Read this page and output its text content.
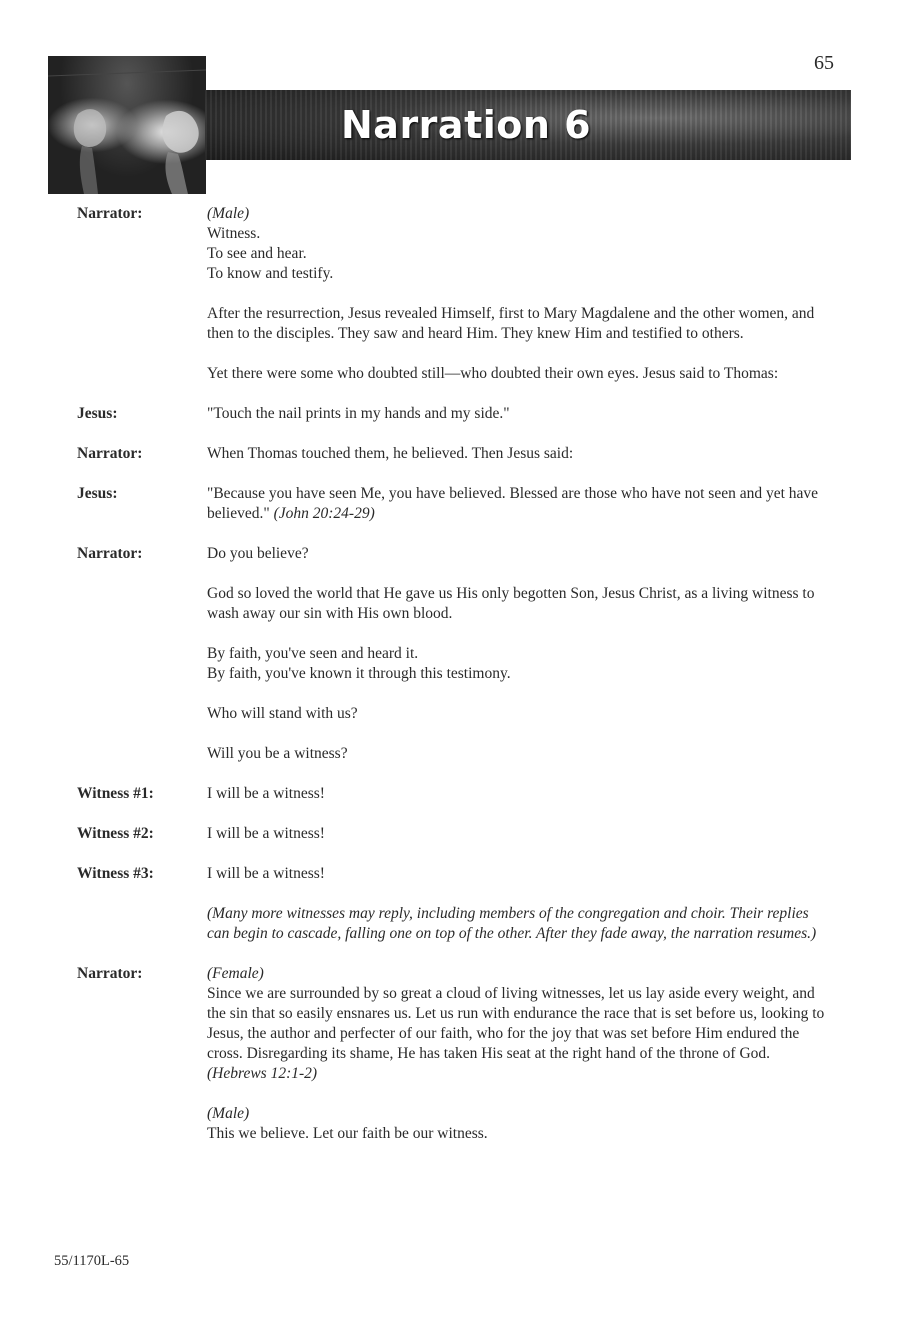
Narration 6
65
Narrator:	(Male)

Witness.

To see and hear.

To know and testify.

After the resurrection, Jesus revealed Himself, first to Mary Magdalene and the other women, and then to the disciples. They saw and heard Him. They knew Him and testified to others.

Yet there were some who doubted still—who doubted their own eyes. Jesus said to Thomas:

Jesus:	"Touch the nail prints in my hands and my side."

Narrator:	When Thomas touched them, he believed. Then Jesus said:

Jesus:	"Because you have seen Me, you have believed. Blessed are those who have not seen and yet have believed." (John 20:24-29)

Narrator:	Do you believe?

God so loved the world that He gave us His only begotten Son, Jesus Christ, as a living witness to wash away our sin with His own blood.

By faith, you've seen and heard it.

By faith, you've known it through this testimony.

Who will stand with us?

Will you be a witness?

Witness #1:	I will be a witness!

Witness #2:	I will be a witness!

Witness #3:	I will be a witness!

(Many more witnesses may reply, including members of the congregation and choir. Their replies can begin to cascade, falling one on top of the other. After they fade away, the narration resumes.)

Narrator:	(Female)

Since we are surrounded by so great a cloud of living witnesses, let us lay aside every weight, and the sin that so easily ensnares us. Let us run with endurance the race that is set before us, looking to Jesus, the author and perfecter of our faith, who for the joy that was set before Him endured the cross. Disregarding its shame, He has taken His seat at the right hand of the throne of God. (Hebrews 12:1-2)

(Male)

This we believe. Let our faith be our witness.

55/1170L-65
